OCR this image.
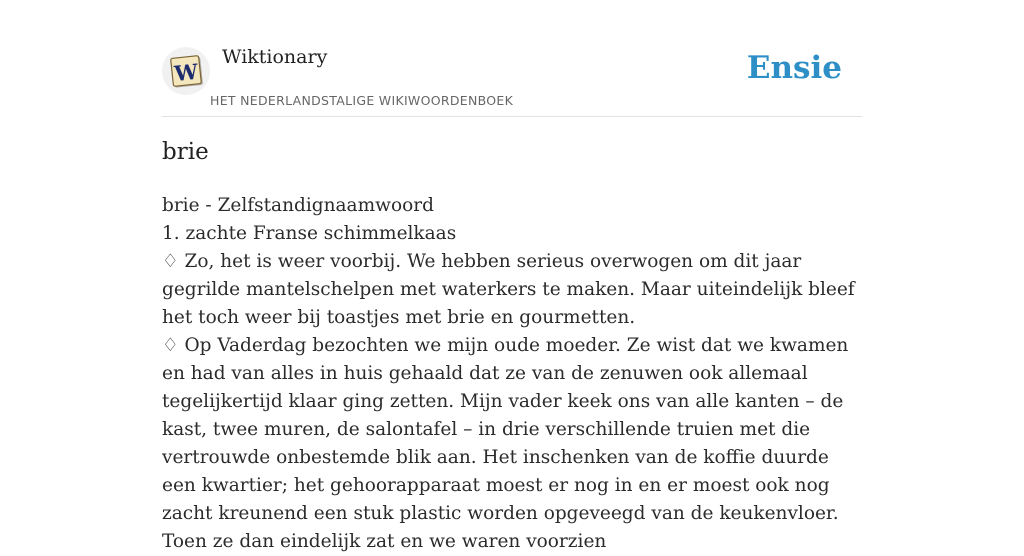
W
Wiktionary
HET NEDERLANDSTALIGE WIKIWOORDENBOEK
Ensie
brie
brie - Zelfstandignaamwoord
1. zachte Franse schimmelkaas
♢ Zo, het is weer voorbij. We hebben serieus overwogen om dit jaar gegrilde mantelschelpen met waterkers te maken. Maar uiteindelijk bleef het toch weer bij toastjes met brie en gourmetten.
♢ Op Vaderdag bezochten we mijn oude moeder. Ze wist dat we kwamen en had van alles in huis gehaald dat ze van de zenuwen ook allemaal tegelijkertijd klaar ging zetten. Mijn vader keek ons van alle kanten – de kast, twee muren, de salontafel – in drie verschillende truien met die vertrouwde onbestemde blik aan. Het inschenken van de koffie duurde een kwartier; het gehoorapparaat moest er nog in en er moest ook nog zacht kreunend een stuk plastic worden opgeveegd van de keukenvloer. Toen ze dan eindelijk zat en we waren voorzien
